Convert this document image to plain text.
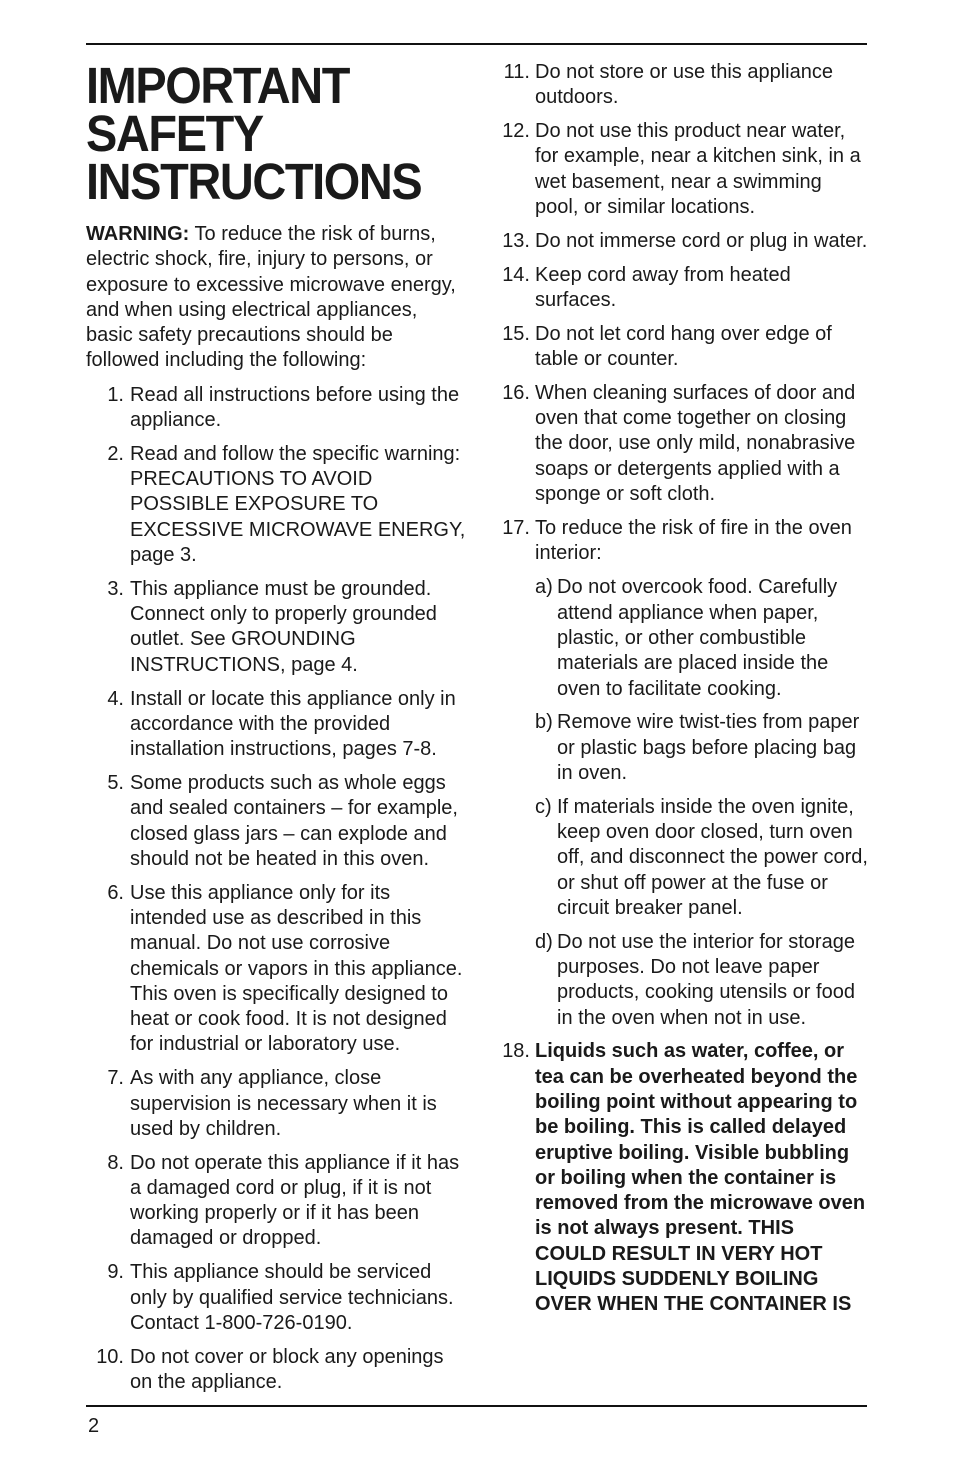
IMPORTANT SAFETY
INSTRUCTIONS

WARNING: To reduce the risk of burns, electric shock, fire, injury to persons, or exposure to excessive microwave energy, and when using electrical appliances, basic safety precautions should be followed including the following:

1. Read all instructions before using the appliance.
2. Read and follow the specific warning: PRECAUTIONS TO AVOID POSSIBLE EXPOSURE TO EXCESSIVE MICROWAVE ENERGY, page 3.
3. This appliance must be grounded. Connect only to properly grounded outlet. See GROUNDING INSTRUCTIONS, page 4.
4. Install or locate this appliance only in accordance with the provided installation instructions, pages 7-8.
5. Some products such as whole eggs and sealed containers – for example, closed glass jars – can explode and should not be heated in this oven.
6. Use this appliance only for its intended use as described in this manual. Do not use corrosive chemicals or vapors in this appliance. This oven is specifically designed to heat or cook food. It is not designed for industrial or laboratory use.
7. As with any appliance, close supervision is necessary when it is used by children.
8. Do not operate this appliance if it has a damaged cord or plug, if it is not working properly or if it has been damaged or dropped.
9. This appliance should be serviced only by qualified service technicians. Contact 1-800-726-0190.
10. Do not cover or block any openings on the appliance.
11. Do not store or use this appliance outdoors.
12. Do not use this product near water, for example, near a kitchen sink, in a wet basement, near a swimming pool, or similar locations.
13. Do not immerse cord or plug in water.
14. Keep cord away from heated surfaces.
15. Do not let cord hang over edge of table or counter.
16. When cleaning surfaces of door and oven that come together on closing the door, use only mild, nonabrasive soaps or detergents applied with a sponge or soft cloth.
17. To reduce the risk of fire in the oven interior:
a) Do not overcook food. Carefully attend appliance when paper, plastic, or other combustible materials are placed inside the oven to facilitate cooking.
b) Remove wire twist-ties from paper or plastic bags before placing bag in oven.
c) If materials inside the oven ignite, keep oven door closed, turn oven off, and disconnect the power cord, or shut off power at the fuse or circuit breaker panel.
d) Do not use the interior for storage purposes. Do not leave paper products, cooking utensils or food in the oven when not in use.
18. Liquids such as water, coffee, or tea can be overheated beyond the boiling point without appearing to be boiling. This is called delayed eruptive boiling. Visible bubbling or boiling when the container is removed from the microwave oven is not always present. THIS COULD RESULT IN VERY HOT LIQUIDS SUDDENLY BOILING OVER WHEN THE CONTAINER IS
2
